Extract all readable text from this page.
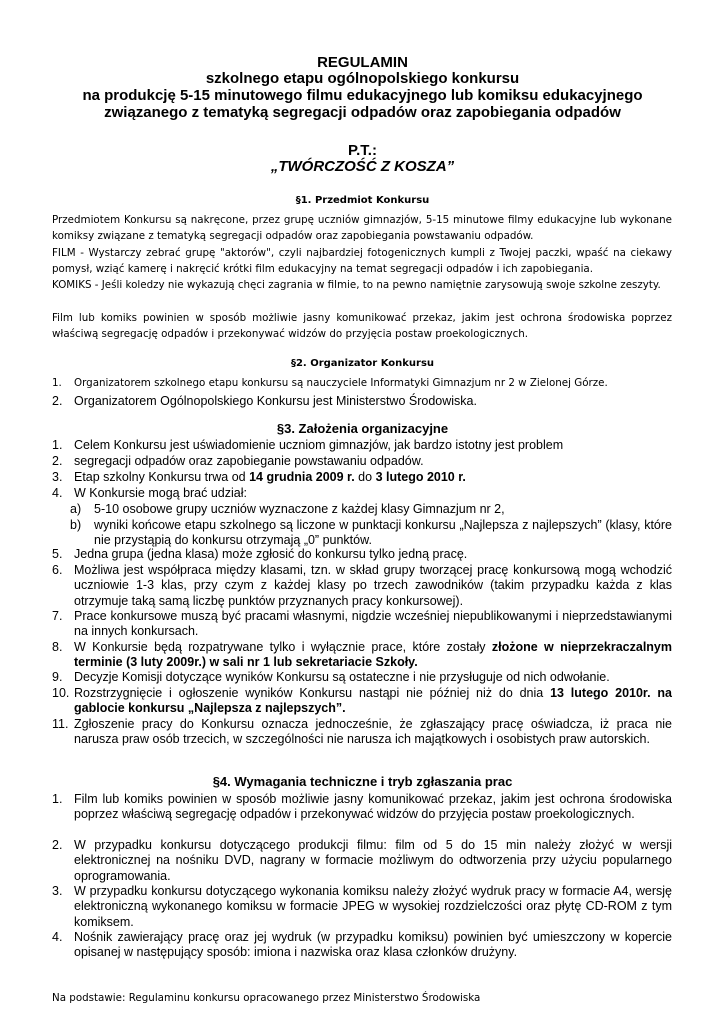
REGULAMIN
szkolnego etapu ogólnopolskiego konkursu
na produkcję 5-15 minutowego filmu edukacyjnego lub komiksu edukacyjnego
związanego z tematyką segregacji odpadów oraz zapobiegania odpadów
P.T.:
„TWÓRCZOŚĆ Z KOSZA”
§1. Przedmiot Konkursu
Przedmiotem Konkursu są nakręcone, przez grupę uczniów gimnazjów, 5-15 minutowe filmy edukacyjne lub wykonane komiksy związane z tematyką segregacji odpadów oraz zapobiegania powstawaniu odpadów.
FILM - Wystarczy zebrać grupę "aktorów", czyli najbardziej fotogenicznych kumpli z Twojej paczki, wpaść na ciekawy pomysł, wziąć kamerę i nakręcić krótki film edukacyjny na temat segregacji odpadów i ich zapobiegania.
KOMIKS - Jeśli koledzy nie wykazują chęci zagrania w filmie, to na pewno namiętnie zarysowują swoje szkolne zeszyty.
Film lub komiks powinien w sposób możliwie jasny komunikować przekaz, jakim jest ochrona środowiska poprzez właściwą segregację odpadów i przekonywać widzów do przyjęcia postaw proekologicznych.
§2. Organizator Konkursu
1. Organizatorem szkolnego etapu konkursu są nauczyciele Informatyki Gimnazjum nr 2 w Zielonej Górze.
2. Organizatorem Ogólnopolskiego Konkursu jest Ministerstwo Środowiska.
§3. Założenia organizacyjne
1. Celem Konkursu jest uświadomienie uczniom gimnazjów, jak bardzo istotny jest problem
2. segregacji odpadów oraz zapobieganie powstawaniu odpadów.
3. Etap szkolny Konkursu trwa od 14 grudnia 2009 r. do 3 lutego 2010 r.
4. W Konkursie mogą brać udział:
a) 5-10 osobowe grupy uczniów wyznaczone z każdej klasy Gimnazjum nr 2,
b) wyniki końcowe etapu szkolnego są liczone w punktacji konkursu „Najlepsza z najlepszych” (klasy, które nie przystąpią do konkursu otrzymają „0” punktów.
5. Jedna grupa (jedna klasa) może zgłosić do konkursu tylko jedną pracę.
6. Możliwa jest współpraca między klasami, tzn. w skład grupy tworzącej pracę konkursową mogą wchodzić uczniowie 1-3 klas, przy czym z każdej klasy po trzech zawodników (takim przypadku każda z klas otrzymuje taką samą liczbę punktów przyznanych pracy konkursowej).
7. Prace konkursowe muszą być pracami własnymi, nigdzie wcześniej niepublikowanymi i nieprzedstawianymi na innych konkursach.
8. W Konkursie będą rozpatrywane tylko i wyłącznie prace, które zostały złożone w nieprzekraczalnym terminie (3 luty 2009r.) w sali nr 1 lub sekretariacie Szkoły.
9. Decyzje Komisji dotyczące wyników Konkursu są ostateczne i nie przysługuje od nich odwołanie.
10. Rozstrzygnięcie i ogłoszenie wyników Konkursu nastąpi nie później niż do dnia 13 lutego 2010r. na gablocie konkursu „Najlepsza z najlepszych”.
11. Zgłoszenie pracy do Konkursu oznacza jednocześnie, że zgłaszający pracę oświadcza, iż praca nie narusza praw osób trzecich, w szczególności nie narusza ich majątkowych i osobistych praw autorskich.
§4. Wymagania techniczne i tryb zgłaszania prac
1. Film lub komiks powinien w sposób możliwie jasny komunikować przekaz, jakim jest ochrona środowiska poprzez właściwą segregację odpadów i przekonywać widzów do przyjęcia postaw proekologicznych.
2. W przypadku konkursu dotyczącego produkcji filmu: film od 5 do 15 min należy złożyć w wersji elektronicznej na nośniku DVD, nagrany w formacie możliwym do odtworzenia przy użyciu popularnego oprogramowania.
3. W przypadku konkursu dotyczącego wykonania komiksu należy złożyć wydruk pracy w formacie A4, wersję elektroniczną wykonanego komiksu w formacie JPEG w wysokiej rozdzielczości oraz płytę CD-ROM z tym komiksem.
4. Nośnik zawierający pracę oraz jej wydruk (w przypadku komiksu) powinien być umieszczony w kopercie opisanej w następujący sposób: imiona i nazwiska oraz klasa członków drużyny.
Na podstawie: Regulaminu konkursu opracowanego przez Ministerstwo Środowiska
